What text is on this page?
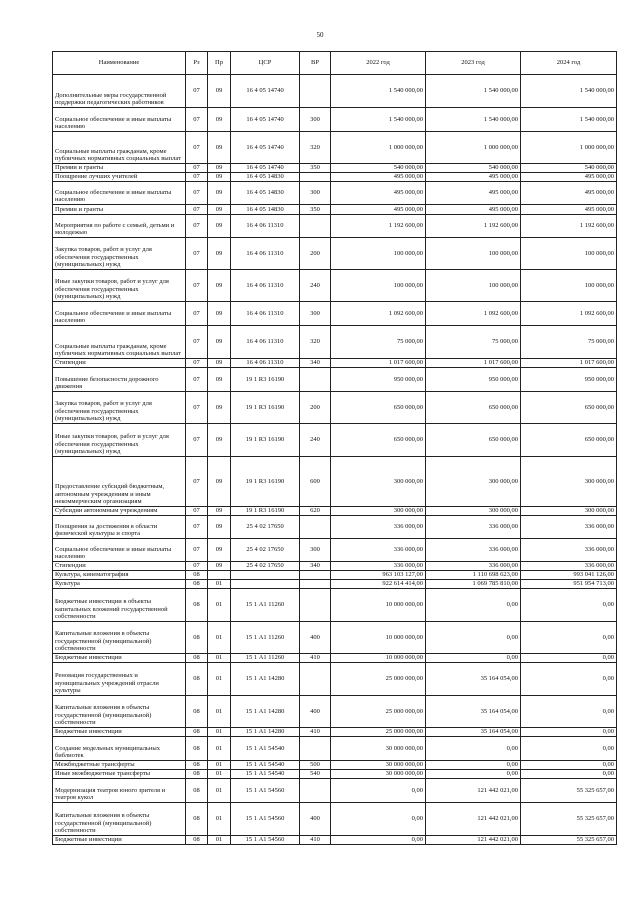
50
Наименование	Рз	Пр	ЦСР	ВР	2022 год	2023 год	2024 год
Дополнительные меры государственной поддержки педагогических работников	07	09	16 4 05 14740		1 540 000,00	1 540 000,00	1 540 000,00
Социальное обеспечение и иные выплаты населению	07	09	16 4 05 14740	300	1 540 000,00	1 540 000,00	1 540 000,00
Социальные выплаты гражданам, кроме публичных нормативных социальных выплат	07	09	16 4 05 14740	320	1 000 000,00	1 000 000,00	1 000 000,00
Премии и гранты	07	09	16 4 05 14740	350	540 000,00	540 000,00	540 000,00
Поощрение лучших учителей	07	09	16 4 05 14830		495 000,00	495 000,00	495 000,00
Социальное обеспечение и иные выплаты населению	07	09	16 4 05 14830	300	495 000,00	495 000,00	495 000,00
Премии и гранты	07	09	16 4 05 14830	350	495 000,00	495 000,00	495 000,00
Мероприятия по работе с семьей, детьми и молодежью	07	09	16 4 06 11310		1 192 600,00	1 192 600,00	1 192 600,00
Закупка товаров, работ и услуг для обеспечения государственных (муниципальных) нужд	07	09	16 4 06 11310	200	100 000,00	100 000,00	100 000,00
Иные закупки товаров, работ и услуг для обеспечения государственных (муниципальных) нужд	07	09	16 4 06 11310	240	100 000,00	100 000,00	100 000,00
Социальное обеспечение и иные выплаты населению	07	09	16 4 06 11310	300	1 092 600,00	1 092 600,00	1 092 600,00
Социальные выплаты гражданам, кроме публичных нормативных социальных выплат	07	09	16 4 06 11310	320	75 000,00	75 000,00	75 000,00
Стипендии	07	09	16 4 06 11310	340	1 017 600,00	1 017 600,00	1 017 600,00
Повышение безопасности дорожного движения	07	09	19 1 R3 16190		950 000,00	950 000,00	950 000,00
Закупка товаров, работ и услуг для обеспечения государственных (муниципальных) нужд	07	09	19 1 R3 16190	200	650 000,00	650 000,00	650 000,00
Иные закупки товаров, работ и услуг для обеспечения государственных (муниципальных) нужд	07	09	19 1 R3 16190	240	650 000,00	650 000,00	650 000,00
Предоставление субсидий бюджетным, автономным учреждениям и иным некоммерческим организациям	07	09	19 1 R3 16190	600	300 000,00	300 000,00	300 000,00
Субсидии автономным учреждениям	07	09	19 1 R3 16190	620	300 000,00	300 000,00	300 000,00
Поощрения за достижения в области физической культуры и спорта	07	09	25 4 02 17650		336 000,00	336 000,00	336 000,00
Социальное обеспечение и иные выплаты населению	07	09	25 4 02 17650	300	336 000,00	336 000,00	336 000,00
Стипендии	07	09	25 4 02 17650	340	336 000,00	336 000,00	336 000,00
Культура, кинематография	08				963 103 127,00	1 110 698 623,00	993 041 126,00
Культура	08	01			922 614 414,00	1 069 785 810,00	951 954 713,00
Бюджетные инвестиции в объекты капитальных вложений государственной собственности	08	01	15 1 А1 11260		10 000 000,00	0,00	0,00
Капитальные вложения в объекты государственной (муниципальной) собственности	08	01	15 1 А1 11260	400	10 000 000,00	0,00	0,00
Бюджетные инвестиции	08	01	15 1 А1 11260	410	10 000 000,00	0,00	0,00
Реновация государственных и муниципальных учреждений отрасли культуры	08	01	15 1 А1 14280		25 000 000,00	35 164 054,00	0,00
Капитальные вложения в объекты государственной (муниципальной) собственности	08	01	15 1 А1 14280	400	25 000 000,00	35 164 054,00	0,00
Бюджетные инвестиции	08	01	15 1 А1 14280	410	25 000 000,00	35 164 054,00	0,00
Создание модельных муниципальных библиотек	08	01	15 1 А1 54540		30 000 000,00	0,00	0,00
Межбюджетные трансферты	08	01	15 1 А1 54540	500	30 000 000,00	0,00	0,00
Иные межбюджетные трансферты	08	01	15 1 А1 54540	540	30 000 000,00	0,00	0,00
Модернизация театров юного зрителя и театров кукол	08	01	15 1 А1 54560		0,00	121 442 021,00	55 325 657,00
Капитальные вложения в объекты государственной (муниципальной) собственности	08	01	15 1 А1 54560	400	0,00	121 442 021,00	55 325 657,00
Бюджетные инвестиции	08	01	15 1 А1 54560	410	0,00	121 442 021,00	55 325 657,00
